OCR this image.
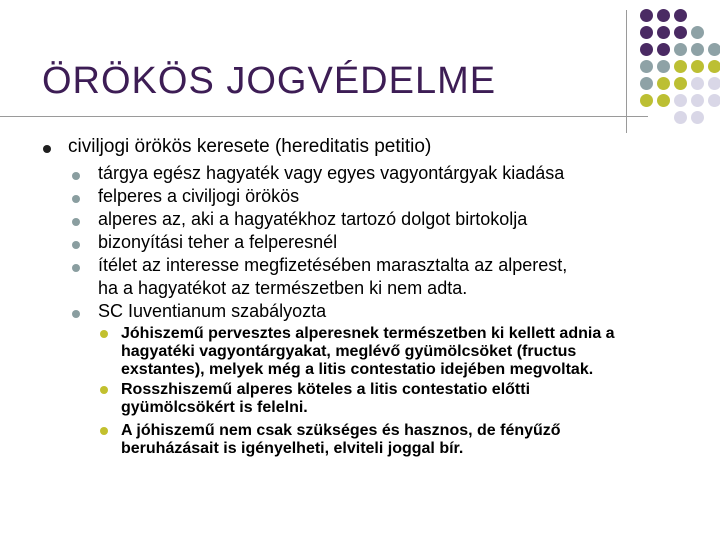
ÖRÖKÖS JOGVÉDELME
civiljogi örökös keresete (hereditatis petitio)
tárgya egész hagyaték vagy egyes vagyontárgyak kiadása
felperes a civiljogi örökös
alperes az, aki a hagyatékhoz tartozó dolgot birtokolja
bizonyítási teher a felperesnél
ítélet az interesse megfizetésében marasztalta az alperest,
ha a hagyatékot az természetben ki nem adta.
SC Iuventianum szabályozta
Jóhiszemű pervesztes alperesnek természetben ki kellett adnia a
hagyatéki vagyontárgyakat, meglévő gyümölcsöket (fructus
exstantes), melyek még a litis contestatio idejében megvoltak.
Rosszhiszemű alperes köteles a litis contestatio előtti
gyümölcsökért is felelni.
A jóhiszemű nem csak szükséges és hasznos, de fényűző
beruházásait is igényelheti, elviteli joggal bír.
